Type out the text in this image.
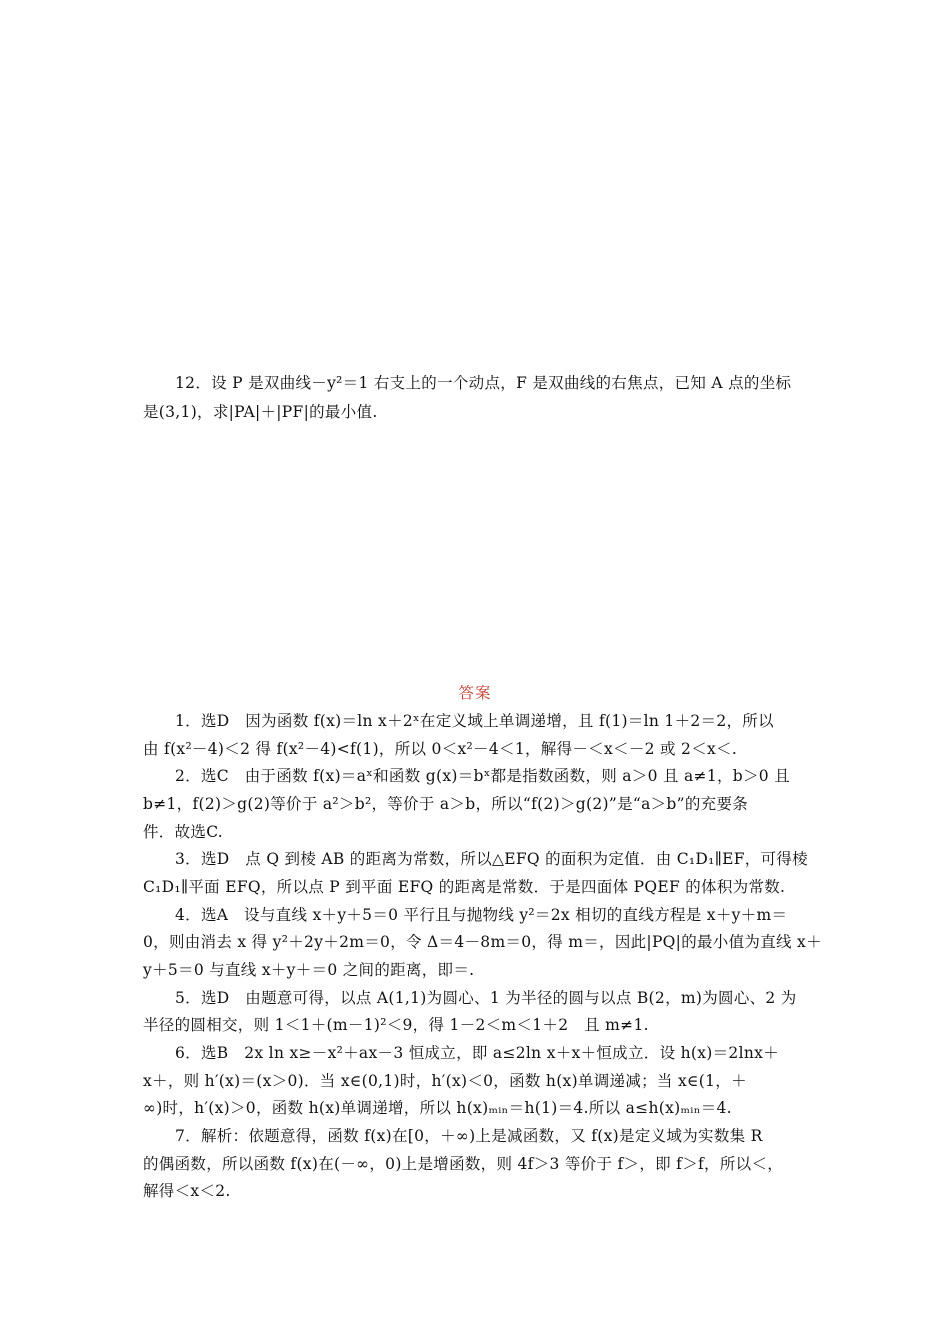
12．设 P 是双曲线－y²＝1 右支上的一个动点，F 是双曲线的右焦点，已知 A 点的坐标
是(3,1)，求|PA|＋|PF|的最小值.
答案
1．选D　因为函数 f(x)＝ln x＋2ˣ在定义域上单调递增，且 f(1)＝ln 1＋2＝2，所以
由 f(x²－4)＜2 得 f(x²－4)<f(1)，所以 0＜x²－4＜1，解得－＜x＜－2 或 2＜x＜.
2．选C　由于函数 f(x)＝aˣ和函数 g(x)＝bˣ都是指数函数，则 a＞0 且 a≠1，b＞0 且
b≠1，f(2)＞g(2)等价于 a²＞b²，等价于 a＞b，所以“f(2)＞g(2)”是“a＞b”的充要条
件．故选C.
3．选D　点 Q 到棱 AB 的距离为常数，所以△EFQ 的面积为定值．由 C₁D₁∥EF，可得棱
C₁D₁∥平面 EFQ，所以点 P 到平面 EFQ 的距离是常数．于是四面体 PQEF 的体积为常数.
4．选A　设与直线 x＋y＋5＝0 平行且与抛物线 y²＝2x 相切的直线方程是 x＋y＋m＝
0，则由消去 x 得 y²＋2y＋2m＝0，令 Δ＝4－8m＝0，得 m＝，因此|PQ|的最小值为直线 x＋
y＋5＝0 与直线 x＋y＋＝0 之间的距离，即＝.
5．选D　由题意可得，以点 A(1,1)为圆心、1 为半径的圆与以点 B(2，m)为圆心、2 为
半径的圆相交，则 1＜1＋(m－1)²＜9，得 1－2＜m＜1＋2　且 m≠1.
6．选B　2x ln x≥－x²＋ax－3 恒成立，即 a≤2ln x＋x＋恒成立．设 h(x)＝2lnx＋
x＋，则 h′(x)＝(x＞0)．当 x∈(0,1)时，h′(x)＜0，函数 h(x)单调递减；当 x∈(1，＋
∞)时，h′(x)＞0，函数 h(x)单调递增，所以 h(x)ₘᵢₙ＝h(1)＝4.所以 a≤h(x)ₘᵢₙ＝4.
7．解析：依题意得，函数 f(x)在[0，＋∞)上是减函数，又 f(x)是定义域为实数集 R
的偶函数，所以函数 f(x)在(－∞，0)上是增函数，则 4f＞3 等价于 f＞，即 f＞f，所以＜，
解得＜x＜2.
